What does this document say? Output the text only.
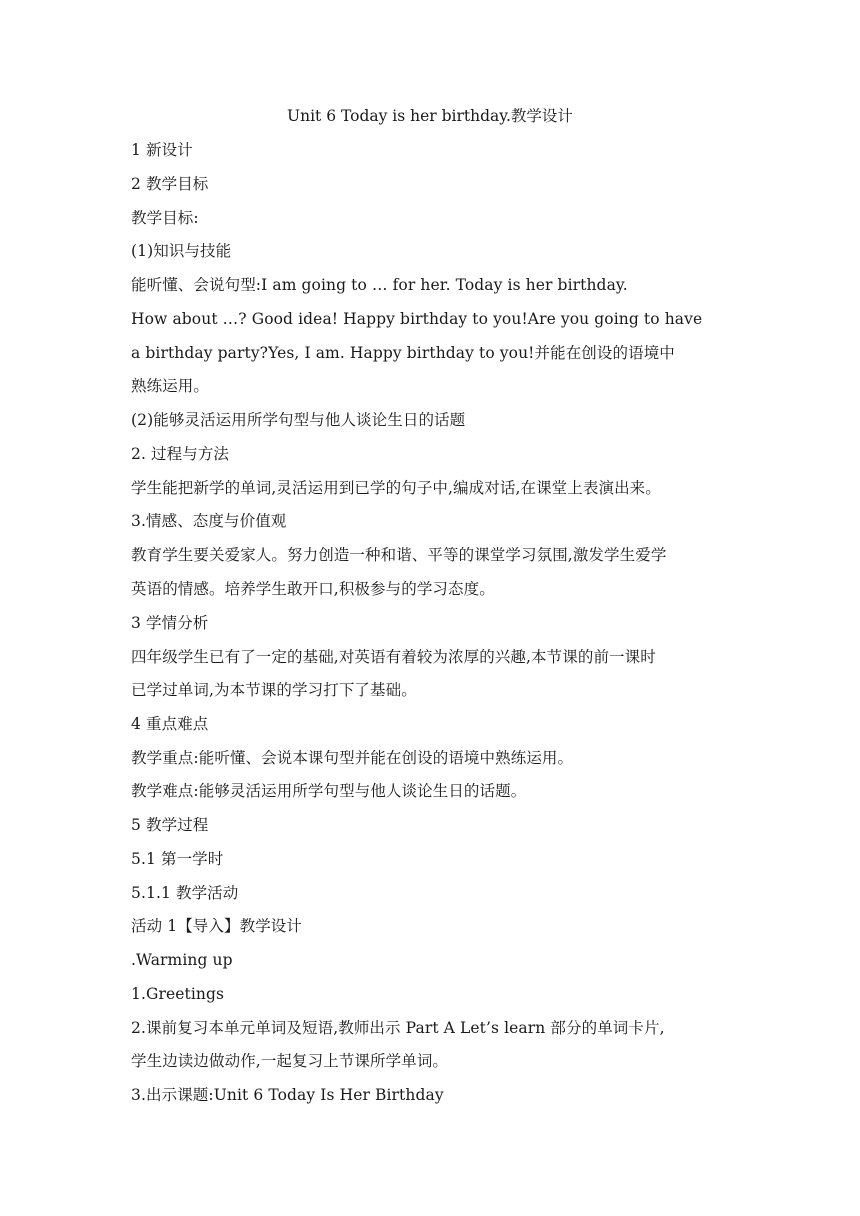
Unit 6 Today is her birthday.教学设计
1 新设计
2 教学目标
教学目标:
(1)知识与技能
能听懂、会说句型:I am going to … for her. Today is her birthday.
How about …? Good idea! Happy birthday to you!Are you going to have
a birthday party?Yes, I am. Happy birthday to you!并能在创设的语境中
熟练运用。
(2)能够灵活运用所学句型与他人谈论生日的话题
2. 过程与方法
学生能把新学的单词,灵活运用到已学的句子中,编成对话,在课堂上表演出来。
3.情感、态度与价值观
教育学生要关爱家人。努力创造一种和谐、平等的课堂学习氛围,激发学生爱学
英语的情感。培养学生敢开口,积极参与的学习态度。
3 学情分析
四年级学生已有了一定的基础,对英语有着较为浓厚的兴趣,本节课的前一课时
已学过单词,为本节课的学习打下了基础。
4 重点难点
教学重点:能听懂、会说本课句型并能在创设的语境中熟练运用。
教学难点:能够灵活运用所学句型与他人谈论生日的话题。
5 教学过程
5.1 第一学时
5.1.1 教学活动
活动 1【导入】教学设计
.Warming up
1.Greetings
2.课前复习本单元单词及短语,教师出示 Part A Let’s learn 部分的单词卡片,
学生边读边做动作,一起复习上节课所学单词。
3.出示课题:Unit 6 Today Is Her Birthday
